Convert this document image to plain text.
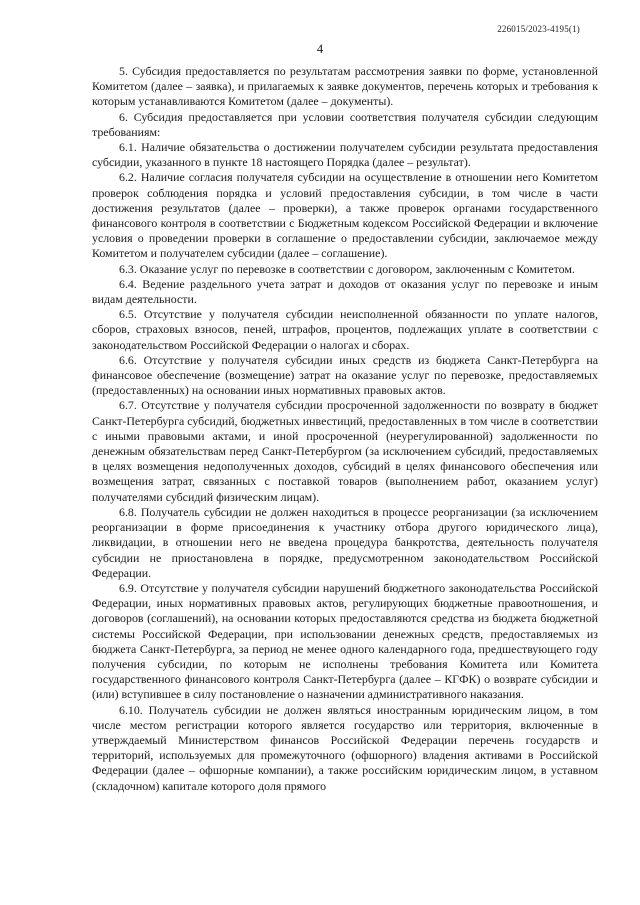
226015/2023-4195(1)
4

5. Субсидия предоставляется по результатам рассмотрения заявки по форме, установленной Комитетом (далее – заявка), и прилагаемых к заявке документов, перечень которых и требования к которым устанавливаются Комитетом (далее – документы).

6. Субсидия предоставляется при условии соответствия получателя субсидии следующим требованиям:

6.1. Наличие обязательства о достижении получателем субсидии результата предоставления субсидии, указанного в пункте 18 настоящего Порядка (далее – результат).

6.2. Наличие согласия получателя субсидии на осуществление в отношении него Комитетом проверок соблюдения порядка и условий предоставления субсидии, в том числе в части достижения результатов (далее – проверки), а также проверок органами государственного финансового контроля в соответствии с Бюджетным кодексом Российской Федерации и включение условия о проведении проверки в соглашение о предоставлении субсидии, заключаемое между Комитетом и получателем субсидии (далее – соглашение).

6.3. Оказание услуг по перевозке в соответствии с договором, заключенным с Комитетом.

6.4. Ведение раздельного учета затрат и доходов от оказания услуг по перевозке и иным видам деятельности.

6.5. Отсутствие у получателя субсидии неисполненной обязанности по уплате налогов, сборов, страховых взносов, пеней, штрафов, процентов, подлежащих уплате в соответствии с законодательством Российской Федерации о налогах и сборах.

6.6. Отсутствие у получателя субсидии иных средств из бюджета Санкт-Петербурга на финансовое обеспечение (возмещение) затрат на оказание услуг по перевозке, предоставляемых (предоставленных) на основании иных нормативных правовых актов.

6.7. Отсутствие у получателя субсидии просроченной задолженности по возврату в бюджет Санкт-Петербурга субсидий, бюджетных инвестиций, предоставленных в том числе в соответствии с иными правовыми актами, и иной просроченной (неурегулированной) задолженности по денежным обязательствам перед Санкт-Петербургом (за исключением субсидий, предоставляемых в целях возмещения недополученных доходов, субсидий в целях финансового обеспечения или возмещения затрат, связанных с поставкой товаров (выполнением работ, оказанием услуг) получателями субсидий физическим лицам).

6.8. Получатель субсидии не должен находиться в процессе реорганизации (за исключением реорганизации в форме присоединения к участнику отбора другого юридического лица), ликвидации, в отношении него не введена процедура банкротства, деятельность получателя субсидии не приостановлена в порядке, предусмотренном законодательством Российской Федерации.

6.9. Отсутствие у получателя субсидии нарушений бюджетного законодательства Российской Федерации, иных нормативных правовых актов, регулирующих бюджетные правоотношения, и договоров (соглашений), на основании которых предоставляются средства из бюджета бюджетной системы Российской Федерации, при использовании денежных средств, предоставляемых из бюджета Санкт-Петербурга, за период не менее одного календарного года, предшествующего году получения субсидии, по которым не исполнены требования Комитета или Комитета государственного финансового контроля Санкт-Петербурга (далее – КГФК) о возврате субсидии и (или) вступившее в силу постановление о назначении административного наказания.

6.10. Получатель субсидии не должен являться иностранным юридическим лицом, в том числе местом регистрации которого является государство или территория, включенные в утверждаемый Министерством финансов Российской Федерации перечень государств и территорий, используемых для промежуточного (офшорного) владения активами в Российской Федерации (далее – офшорные компании), а также российским юридическим лицом, в уставном (складочном) капитале которого доля прямого
